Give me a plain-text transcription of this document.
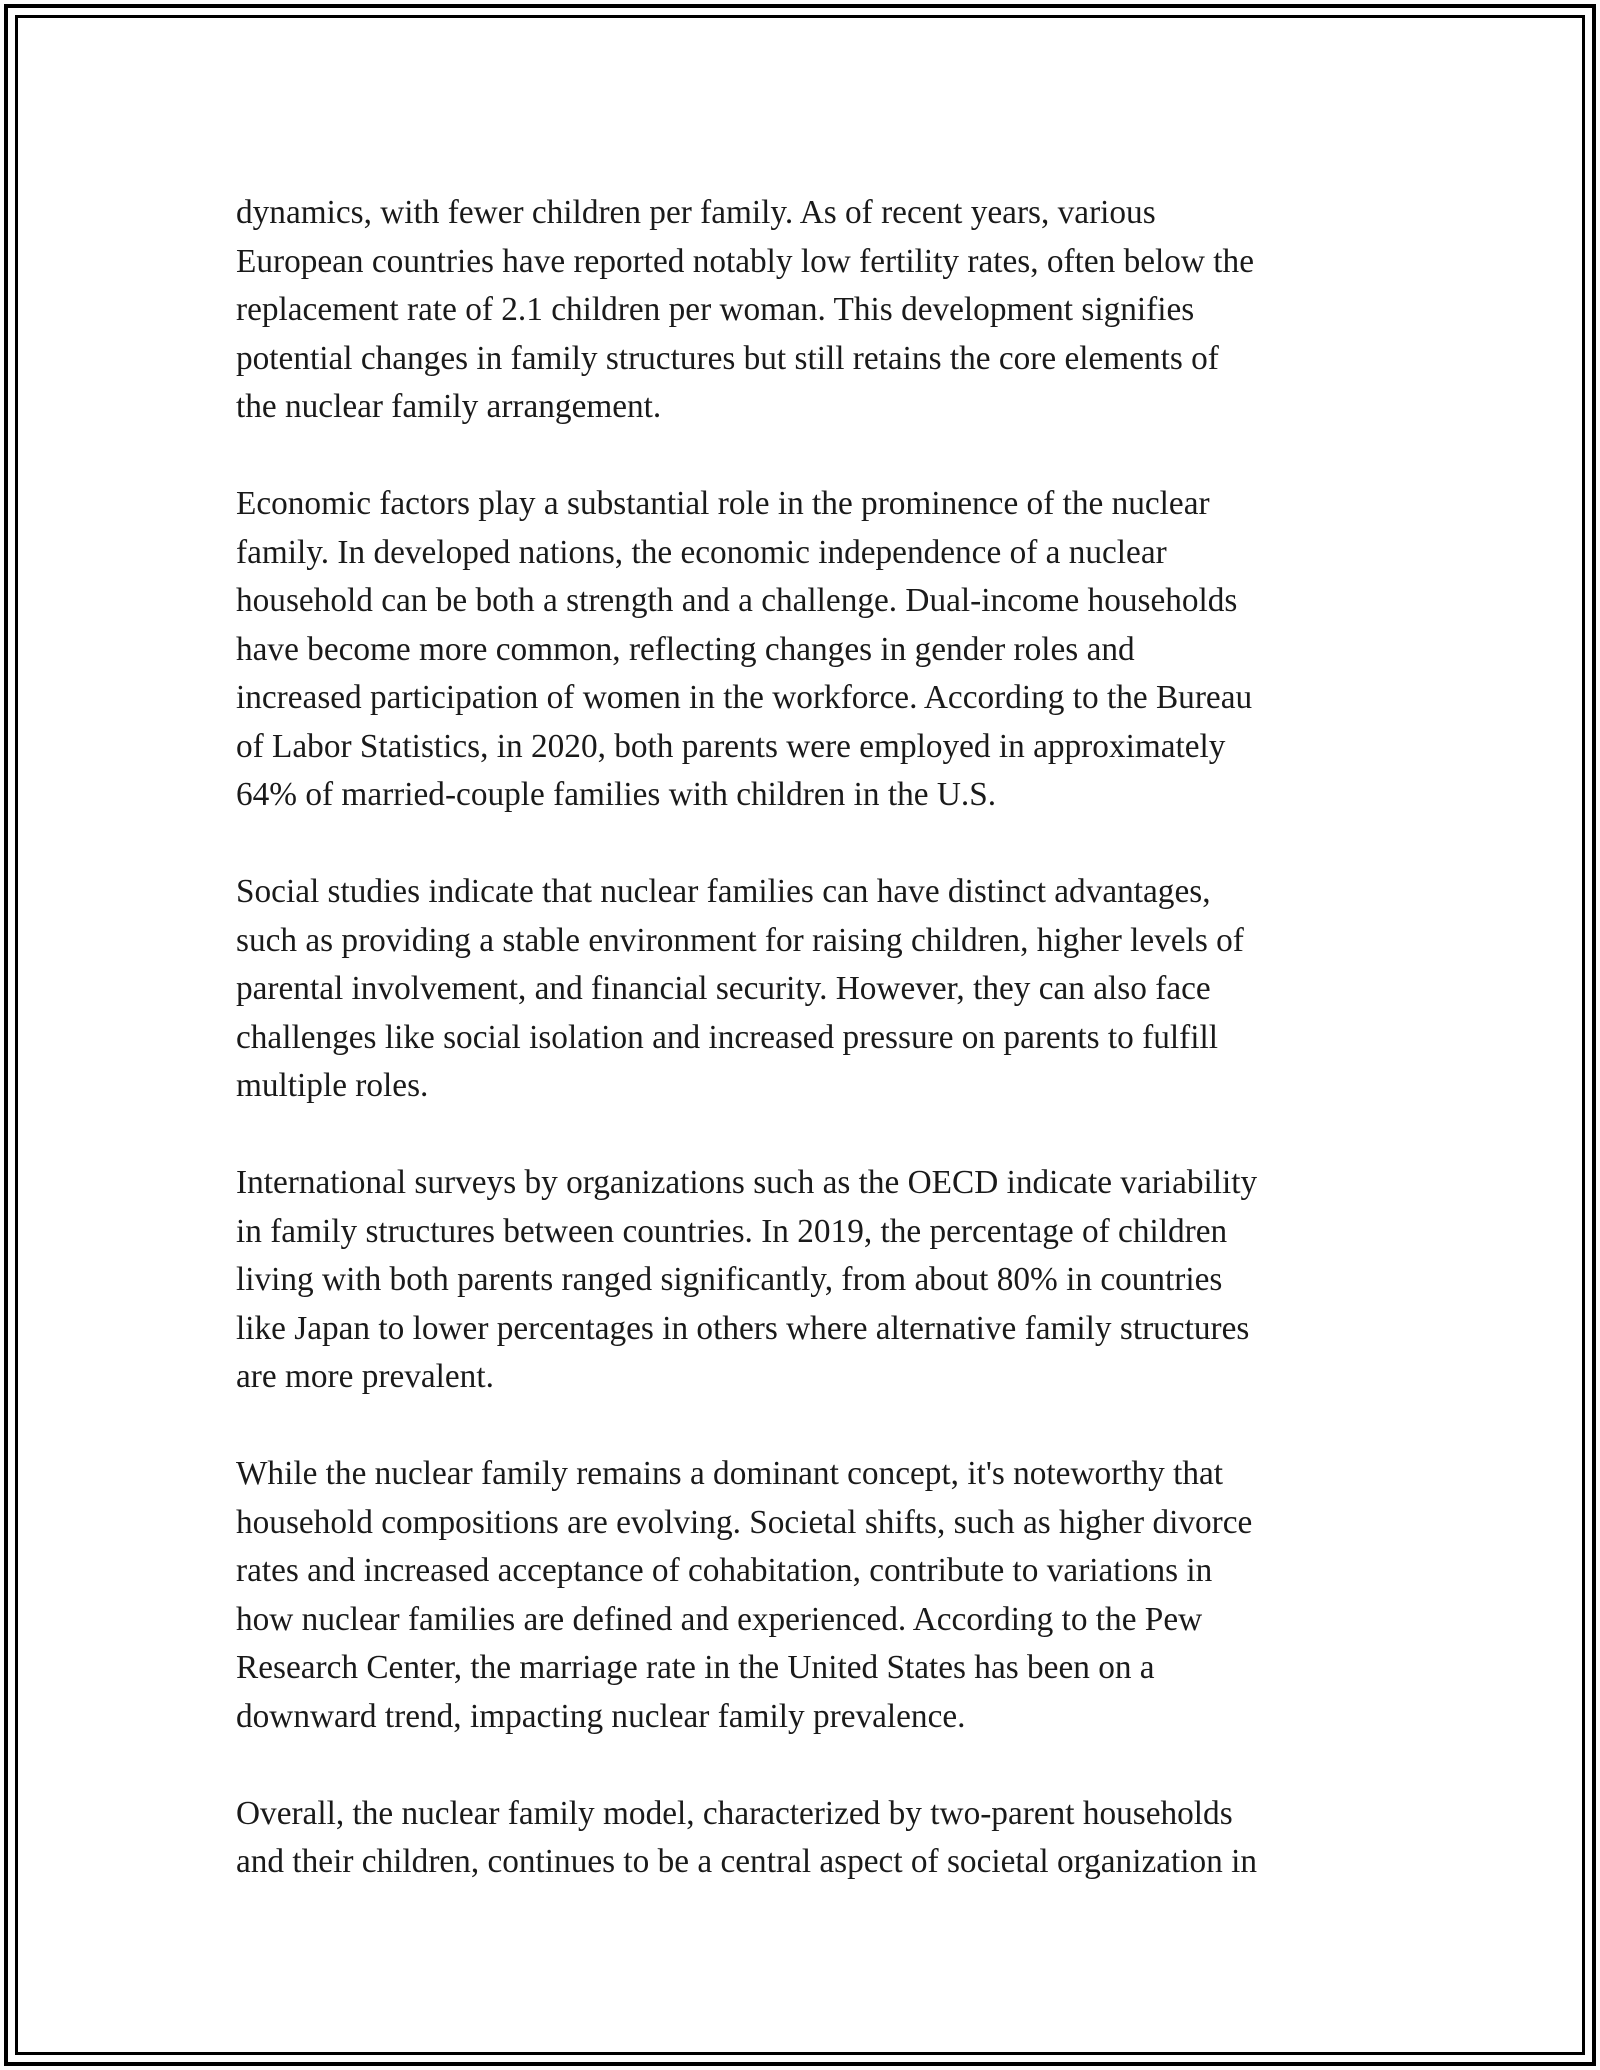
dynamics, with fewer children per family. As of recent years, various
European countries have reported notably low fertility rates, often below the
replacement rate of 2.1 children per woman. This development signifies
potential changes in family structures but still retains the core elements of
the nuclear family arrangement.

Economic factors play a substantial role in the prominence of the nuclear
family. In developed nations, the economic independence of a nuclear
household can be both a strength and a challenge. Dual-income households
have become more common, reflecting changes in gender roles and
increased participation of women in the workforce. According to the Bureau
of Labor Statistics, in 2020, both parents were employed in approximately
64% of married-couple families with children in the U.S.

Social studies indicate that nuclear families can have distinct advantages,
such as providing a stable environment for raising children, higher levels of
parental involvement, and financial security. However, they can also face
challenges like social isolation and increased pressure on parents to fulfill
multiple roles.

International surveys by organizations such as the OECD indicate variability
in family structures between countries. In 2019, the percentage of children
living with both parents ranged significantly, from about 80% in countries
like Japan to lower percentages in others where alternative family structures
are more prevalent.

While the nuclear family remains a dominant concept, it's noteworthy that
household compositions are evolving. Societal shifts, such as higher divorce
rates and increased acceptance of cohabitation, contribute to variations in
how nuclear families are defined and experienced. According to the Pew
Research Center, the marriage rate in the United States has been on a
downward trend, impacting nuclear family prevalence.

Overall, the nuclear family model, characterized by two-parent households
and their children, continues to be a central aspect of societal organization in
